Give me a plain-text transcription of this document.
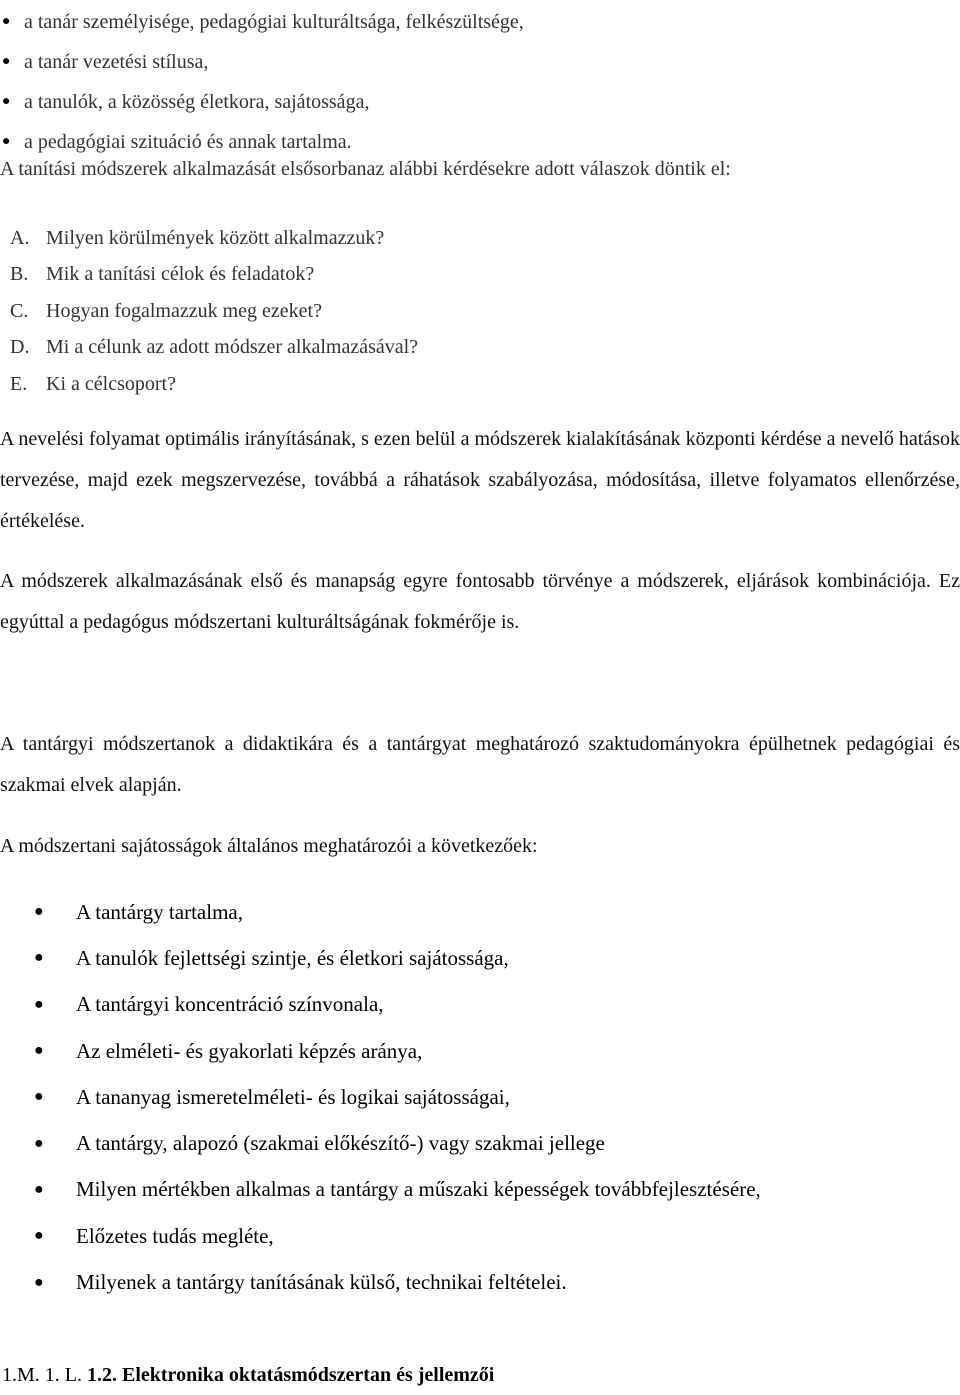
● a tanár személyisége, pedagógiai kulturáltsága, felkészültsége,
● a tanár vezetési stílusa,
● a tanulók, a közösség életkora, sajátossága,
● a pedagógiai szituáció és annak tartalma.
A tanítási módszerek alkalmazását elsősorbanaz alábbi kérdésekre adott válaszok döntik el:
A. Milyen körülmények között alkalmazzuk?
B. Mik a tanítási célok és feladatok?
C. Hogyan fogalmazzuk meg ezeket?
D. Mi a célunk az adott módszer alkalmazásával?
E. Ki a célcsoport?

A nevelési folyamat optimális irányításának, s ezen belül a módszerek kialakításának központi kérdése a nevelő hatások tervezése, majd ezek megszervezése, továbbá a ráhatások szabályozása, módosítása, illetve folyamatos ellenőrzése, értékelése.

A módszerek alkalmazásának első és manapság egyre fontosabb törvénye a módszerek, eljárások kombinációja. Ez egyúttal a pedagógus módszertani kulturáltságának fokmérője is.

A tantárgyi módszertanok a didaktikára és a tantárgyat meghatározó szaktudományokra épülhetnek pedagógiai és szakmai elvek alapján.

A módszertani sajátosságok általános meghatározói a következőek:

●	A tantárgy tartalma,
●	A tanulók fejlettségi szintje, és életkori sajátossága,
●	A tantárgyi koncentráció színvonala,
●	Az elméleti- és gyakorlati képzés aránya,
●	A tananyag ismeretelméleti- és logikai sajátosságai,
●	A tantárgy, alapozó (szakmai előkészítő-) vagy szakmai jellege
●	Milyen mértékben alkalmas a tantárgy a műszaki képességek továbbfejlesztésére,
●	Előzetes tudás megléte,
●	Milyenek a tantárgy tanításának külső, technikai feltételei.
1.M. 1. L. 1.2. Elektronika oktatásmódszertan és jellemzői
